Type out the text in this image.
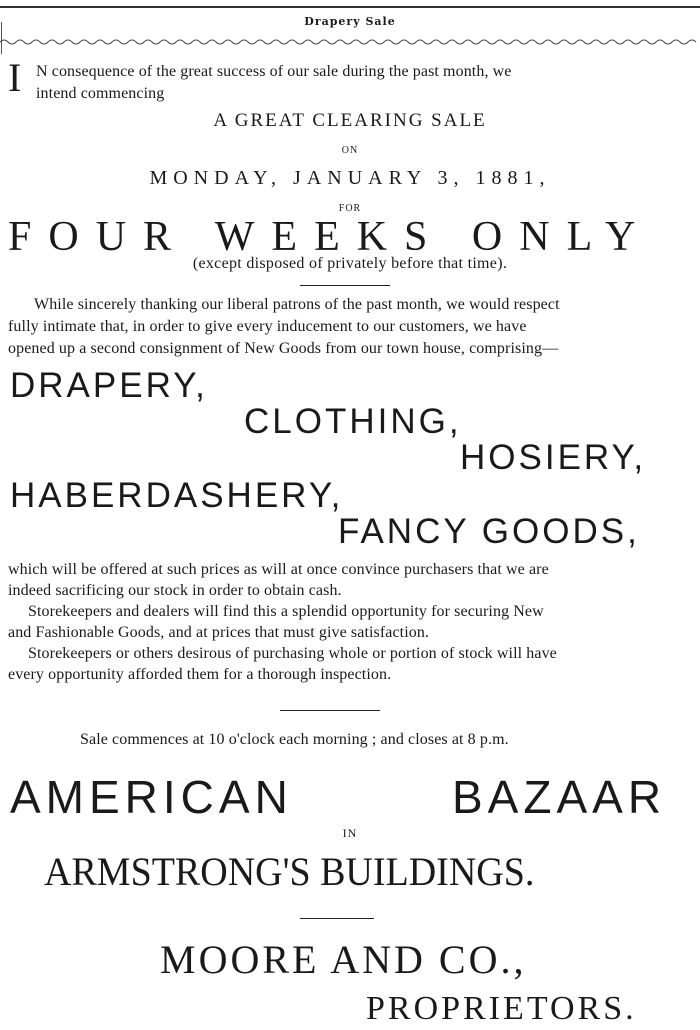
Drapery Sale
I N consequence of the great success of our sale during the past month, we
intend commencing
A GREAT CLEARING SALE
ON
MONDAY, JANUARY 3, 1881,
FOR
FOUR WEEKS ONLY
(except disposed of privately before that time).
While sincerely thanking our liberal patrons of the past month, we would respect
fully intimate that, in order to give every inducement to our customers, we have
opened up a second consignment of New Goods from our town house, comprising—
DRAPERY,
CLOTHING,
HOSIERY,
HABERDASHERY,
FANCY GOODS,
which will be offered at such prices as will at once convince purchasers that we are
indeed sacrificing our stock in order to obtain cash.
Storekeepers and dealers will find this a splendid opportunity for securing New
and Fashionable Goods, and at prices that must give satisfaction.
Storekeepers or others desirous of purchasing whole or portion of stock will have
every opportunity afforded them for a thorough inspection.
Sale commences at 10 o'clock each morning ; and closes at 8 p.m.
AMERICAN	BAZAAR
IN
ARMSTRONG'S BUILDINGS.
MOORE AND CO.,
PROPRIETORS.
